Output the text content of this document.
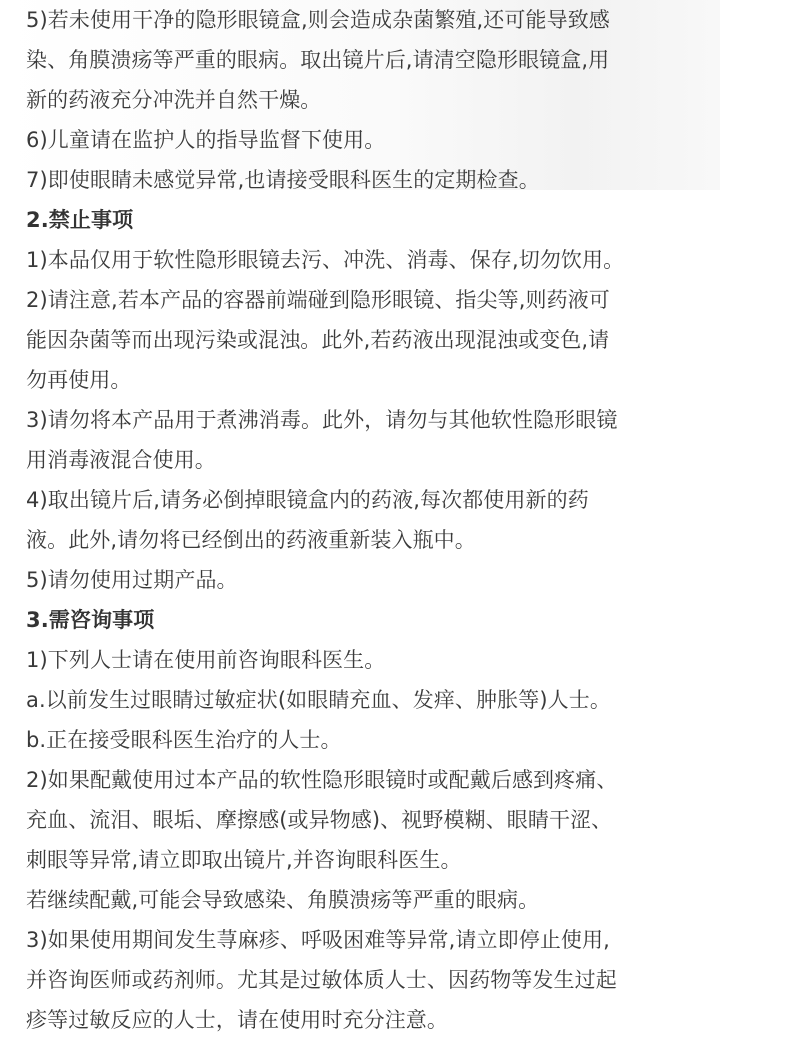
5)若未使用干净的隐形眼镜盒,则会造成杂菌繁殖,还可能导致感
染、角膜溃疡等严重的眼病。取出镜片后,请清空隐形眼镜盒,用
新的药液充分冲洗并自然干燥。
6)儿童请在监护人的指导监督下使用。
7)即使眼睛未感觉异常,也请接受眼科医生的定期检查。
2.禁止事项
1)本品仅用于软性隐形眼镜去污、冲洗、消毒、保存,切勿饮用。
2)请注意,若本产品的容器前端碰到隐形眼镜、指尖等,则药液可
能因杂菌等而出现污染或混浊。此外,若药液出现混浊或变色,请
勿再使用。
3)请勿将本产品用于煮沸消毒。此外，请勿与其他软性隐形眼镜
用消毒液混合使用。
4)取出镜片后,请务必倒掉眼镜盒内的药液,每次都使用新的药
液。此外,请勿将已经倒出的药液重新装入瓶中。
5)请勿使用过期产品。
3.需咨询事项
1)下列人士请在使用前咨询眼科医生。
a.以前发生过眼睛过敏症状(如眼睛充血、发痒、肿胀等)人士。
b.正在接受眼科医生治疗的人士。
2)如果配戴使用过本产品的软性隐形眼镜时或配戴后感到疼痛、
充血、流泪、眼垢、摩擦感(或异物感)、视野模糊、眼睛干涩、
刺眼等异常,请立即取出镜片,并咨询眼科医生。
若继续配戴,可能会导致感染、角膜溃疡等严重的眼病。
3)如果使用期间发生荨麻疹、呼吸困难等异常,请立即停止使用,
并咨询医师或药剂师。尤其是过敏体质人士、因药物等发生过起
疹等过敏反应的人士，请在使用时充分注意。
